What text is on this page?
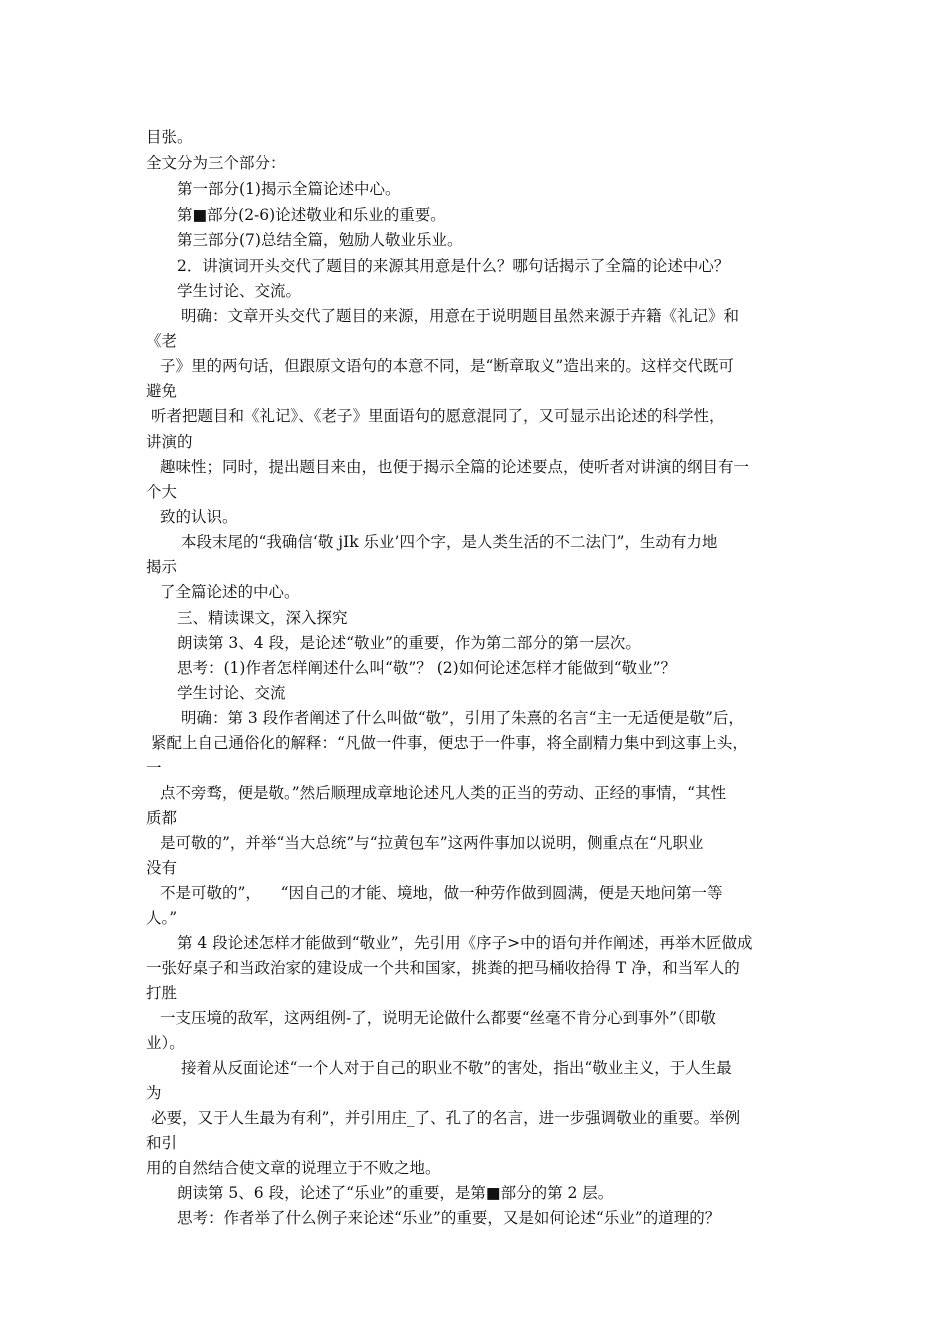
目张。
全文分为三个部分：
第一部分(1)揭示全篇论述中心。
第■部分(2-6)论述敬业和乐业的重要。
第三部分(7)总结全篇，勉励人敬业乐业。
2．讲演词开头交代了题目的来源其用意是什么？哪句话揭示了全篇的论述中心？
学生讨论、交流。
明确：文章开头交代了题目的来源，用意在于说明题目虽然来源于卉籍《礼记》和
《老
子》里的两句话，但跟原文语句的本意不同，是“断章取义”造出来的。这样交代既可
避免
听者把题目和《礼记》、《老子》里面语句的愿意混同了，又可显示出论述的科学性，
讲演的
趣味性；同时，提出题目来由，也便于揭示全篇的论述要点，使听者对讲演的纲目有一
个大
致的认识。
本段末尾的“我确信‘敬 jIk 乐业’四个字，是人类生活的不二法门”，生动有力地
揭示
了全篇论述的中心。
三、精读课文，深入探究
朗读第 3、4 段，是论述“敬业”的重要，作为第二部分的第一层次。
思考：(1)作者怎样阐述什么叫“敬”？ (2)如何论述怎样才能做到“敬业”？
学生讨论、交流
明确：第 3 段作者阐述了什么叫做“敬”，引用了朱熹的名言“主一无适便是敬”后，
紧配上自己通俗化的解释：“凡做一件事，便忠于一件事，将全副精力集中到这事上头，
一
点不旁骛，便是敬。”然后顺理成章地论述凡人类的正当的劳动、正经的事情，“其性
质都
是可敬的”，并举“当大总统”与“拉黄包车”这两件事加以说明，侧重点在“凡职业
没有
不是可敬的”，    “因自己的才能、境地，做一种劳作做到圆满，便是天地问第一等
人。”
第 4 段论述怎样才能做到“敬业”，先引用《序子>中的语句并作阐述，再举木匠做成
一张好桌子和当政治家的建设成一个共和国家，挑粪的把马桶收拾得 T 净，和当军人的
打胜
一支压境的敌军，这两组例-了，说明无论做什么都要“丝毫不肯分心到事外”（即敬
业）。
接着从反面论述“一个人对于自己的职业不敬”的害处，指出“敬业主义，于人生最
为
必要，又于人生最为有利”，并引用庄_了、孔了的名言，进一步强调敬业的重要。举例
和引
用的自然结合使文章的说理立于不败之地。
朗读第 5、6 段，论述了“乐业”的重要，是第■部分的第 2 层。
思考：作者举了什么例子来论述“乐业”的重要，又是如何论述“乐业”的道理的？
